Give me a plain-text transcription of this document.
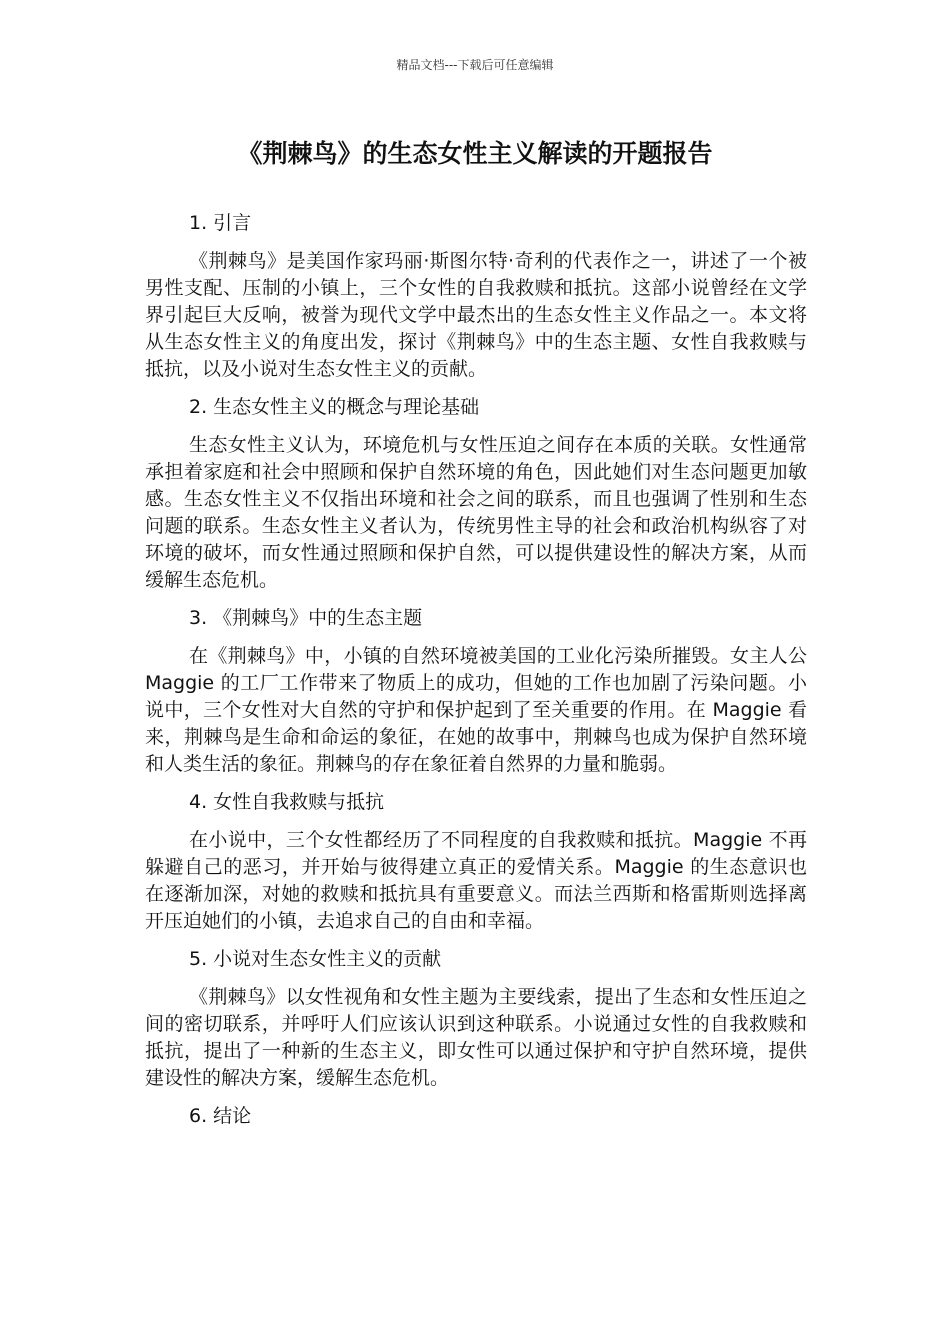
精品文档---下载后可任意编辑
《荆棘鸟》的生态女性主义解读的开题报告

1. 引言

《荆棘鸟》是美国作家玛丽·斯图尔特·奇利的代表作之一，讲述了一个被男性支配、压制的小镇上，三个女性的自我救赎和抵抗。这部小说曾经在文学界引起巨大反响，被誉为现代文学中最杰出的生态女性主义作品之一。本文将从生态女性主义的角度出发，探讨《荆棘鸟》中的生态主题、女性自我救赎与抵抗，以及小说对生态女性主义的贡献。

2. 生态女性主义的概念与理论基础

生态女性主义认为，环境危机与女性压迫之间存在本质的关联。女性通常承担着家庭和社会中照顾和保护自然环境的角色，因此她们对生态问题更加敏感。生态女性主义不仅指出环境和社会之间的联系，而且也强调了性别和生态问题的联系。生态女性主义者认为，传统男性主导的社会和政治机构纵容了对环境的破坏，而女性通过照顾和保护自然，可以提供建设性的解决方案，从而缓解生态危机。

3. 《荆棘鸟》中的生态主题

在《荆棘鸟》中，小镇的自然环境被美国的工业化污染所摧毁。女主人公 Maggie 的工厂工作带来了物质上的成功，但她的工作也加剧了污染问题。小说中，三个女性对大自然的守护和保护起到了至关重要的作用。在 Maggie 看来，荆棘鸟是生命和命运的象征，在她的故事中，荆棘鸟也成为保护自然环境和人类生活的象征。荆棘鸟的存在象征着自然界的力量和脆弱。

4. 女性自我救赎与抵抗

在小说中，三个女性都经历了不同程度的自我救赎和抵抗。Maggie 不再躲避自己的恶习，并开始与彼得建立真正的爱情关系。Maggie 的生态意识也在逐渐加深，对她的救赎和抵抗具有重要意义。而法兰西斯和格雷斯则选择离开压迫她们的小镇，去追求自己的自由和幸福。

5. 小说对生态女性主义的贡献

《荆棘鸟》以女性视角和女性主题为主要线索，提出了生态和女性压迫之间的密切联系，并呼吁人们应该认识到这种联系。小说通过女性的自我救赎和抵抗，提出了一种新的生态主义，即女性可以通过保护和守护自然环境，提供建设性的解决方案，缓解生态危机。

6. 结论
